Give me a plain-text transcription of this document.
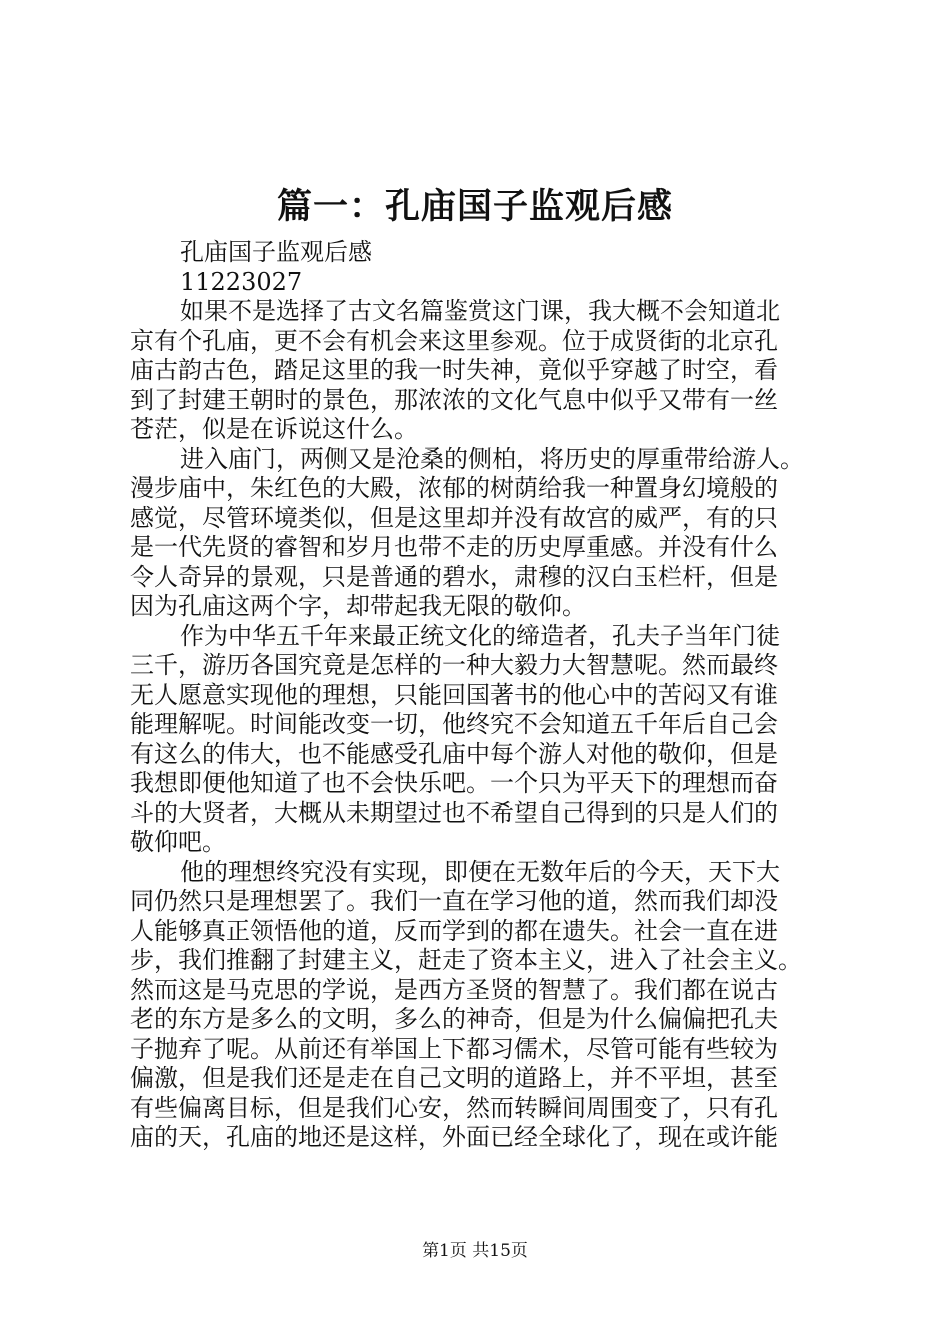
篇一：孔庙国子监观后感
孔庙国子监观后感
11223027
如果不是选择了古文名篇鉴赏这门课，我大概不会知道北
京有个孔庙，更不会有机会来这里参观。位于成贤街的北京孔
庙古韵古色，踏足这里的我一时失神，竟似乎穿越了时空，看
到了封建王朝时的景色，那浓浓的文化气息中似乎又带有一丝
苍茫，似是在诉说这什么。
进入庙门，两侧又是沧桑的侧柏，将历史的厚重带给游人。
漫步庙中，朱红色的大殿，浓郁的树荫给我一种置身幻境般的
感觉，尽管环境类似，但是这里却并没有故宫的威严，有的只
是一代先贤的睿智和岁月也带不走的历史厚重感。并没有什么
令人奇异的景观，只是普通的碧水，肃穆的汉白玉栏杆，但是
因为孔庙这两个字，却带起我无限的敬仰。
作为中华五千年来最正统文化的缔造者，孔夫子当年门徒
三千，游历各国究竟是怎样的一种大毅力大智慧呢。然而最终
无人愿意实现他的理想，只能回国著书的他心中的苦闷又有谁
能理解呢。时间能改变一切，他终究不会知道五千年后自己会
有这么的伟大，也不能感受孔庙中每个游人对他的敬仰，但是
我想即便他知道了也不会快乐吧。一个只为平天下的理想而奋
斗的大贤者，大概从未期望过也不希望自己得到的只是人们的
敬仰吧。
他的理想终究没有实现，即便在无数年后的今天，天下大
同仍然只是理想罢了。我们一直在学习他的道，然而我们却没
人能够真正领悟他的道，反而学到的都在遗失。社会一直在进
步，我们推翻了封建主义，赶走了资本主义，进入了社会主义。
然而这是马克思的学说，是西方圣贤的智慧了。我们都在说古
老的东方是多么的文明，多么的神奇，但是为什么偏偏把孔夫
子抛弃了呢。从前还有举国上下都习儒术，尽管可能有些较为
偏激，但是我们还是走在自己文明的道路上，并不平坦，甚至
有些偏离目标，但是我们心安，然而转瞬间周围变了，只有孔
庙的天，孔庙的地还是这样，外面已经全球化了，现在或许能
第1页 共15页
